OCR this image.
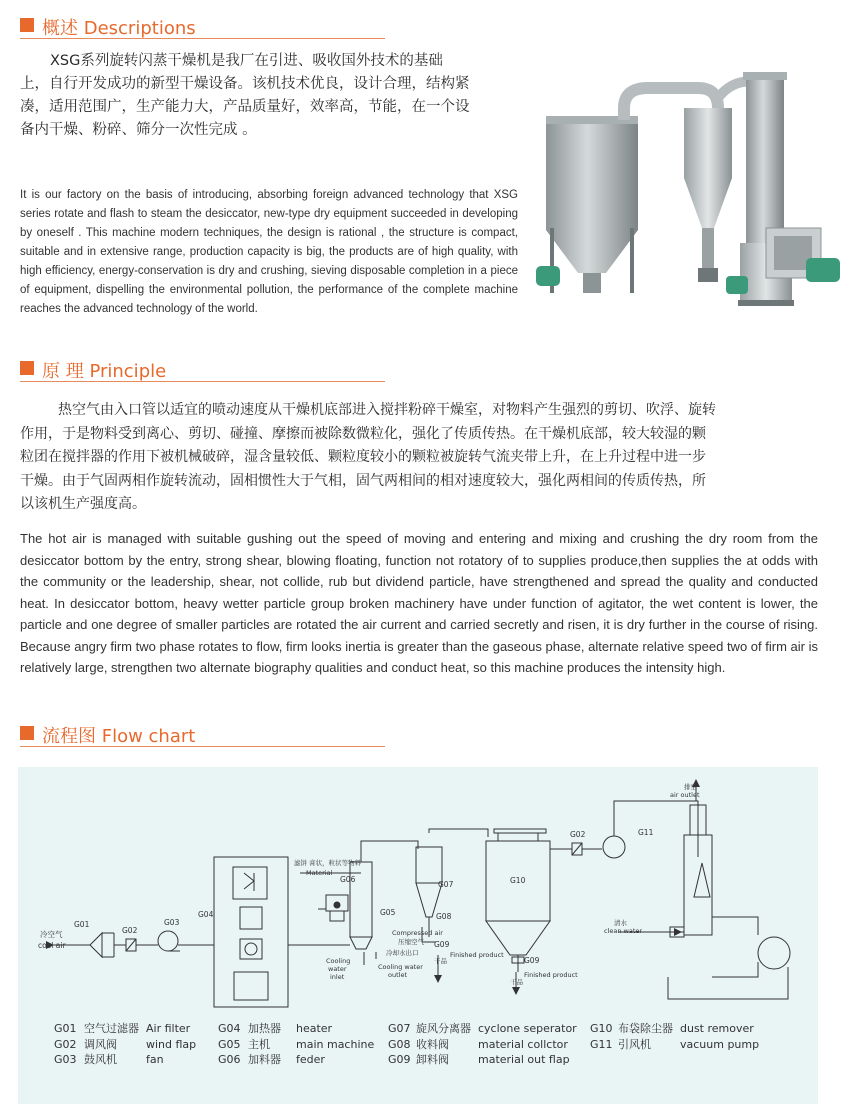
概述 Descriptions
XSG系列旋转闪蒸干燥机是我厂在引进、吸收国外技术的基础
上，自行开发成功的新型干燥设备。该机技术优良，设计合理，结构紧
凑，适用范围广，生产能力大，产品质量好，效率高，节能，在一个设
备内干燥、粉碎、筛分一次性完成 。
It is our factory on the basis of introducing, absorbing foreign advanced technology that XSG series rotate and flash to steam the desiccator, new-type dry equipment succeeded in developing by oneself . This machine modern techniques, the design is rational , the structure is compact, suitable and in extensive range, production capacity is big, the products are of high quality, with high efficiency, energy-conservation is dry and crushing, sieving disposable completion in a piece of equipment, dispelling the environmental pollution, the performance of the complete machine reaches the advanced technology of the world.
原 理 Principle
热空气由入口管以适宜的喷动速度从干燥机底部进入搅拌粉碎干燥室，对物料产生强烈的剪切、吹浮、旋转
作用，于是物料受到离心、剪切、碰撞、摩擦而被除数微粒化，强化了传质传热。在干燥机底部，较大较湿的颗
粒团在搅拌器的作用下被机械破碎，湿含量较低、颗粒度较小的颗粒被旋转气流夹带上升，在上升过程中进一步
干燥。由于气固两相作旋转流动，固相惯性大于气相，固气两相间的相对速度较大，强化两相间的传质传热，所
以该机生产强度高。
The hot air is managed with suitable gushing out the speed of moving and entering and mixing and crushing the dry room from the desiccator bottom by the entry, strong shear, blowing floating, function not rotatory of to supplies produce,then supplies the at odds with the community or the leadership, shear, not collide, rub but dividend particle, have strengthened and spread the quality and conducted heat. In desiccator bottom, heavy wetter particle group broken machinery have under function of agitator, the wet content is lower, the particle and one degree of smaller particles are rotated the air current and carried secretly and risen, it is dry further in the course of rising. Because angry firm two phase rotates to flow, firm looks inertia is greater than the gaseous phase, alternate relative speed two of firm air is relatively large, strengthen two alternate biography qualities and conduct heat, so this machine produces the intensity high.
流程图 Flow chart
冷空气
cool air
G01
G02
G03
G04	G05
G06
G07
G08
G09
G10
G11
G02
G09
滤饼 膏状，粒状等物料
Material
Compressed air
压缩空气
Cooling
water
inlet
冷却水出口
Cooling water
outlet
Finished product
干品
Finished product
干品
排空
air outlet
清水
clean water
G01 空气过滤器 Air filter
G02 调风阀	wind flap
G03 鼓风机	fan
G04 加热器 heater
G05 主机 main machine
G06 加料器 feder
G07 旋风分离器 cyclone seperator
G08 收料阀	material collctor
G09 卸料阀	material out flap
G10 布袋除尘器 dust remover
G11 引风机	vacuum pump
